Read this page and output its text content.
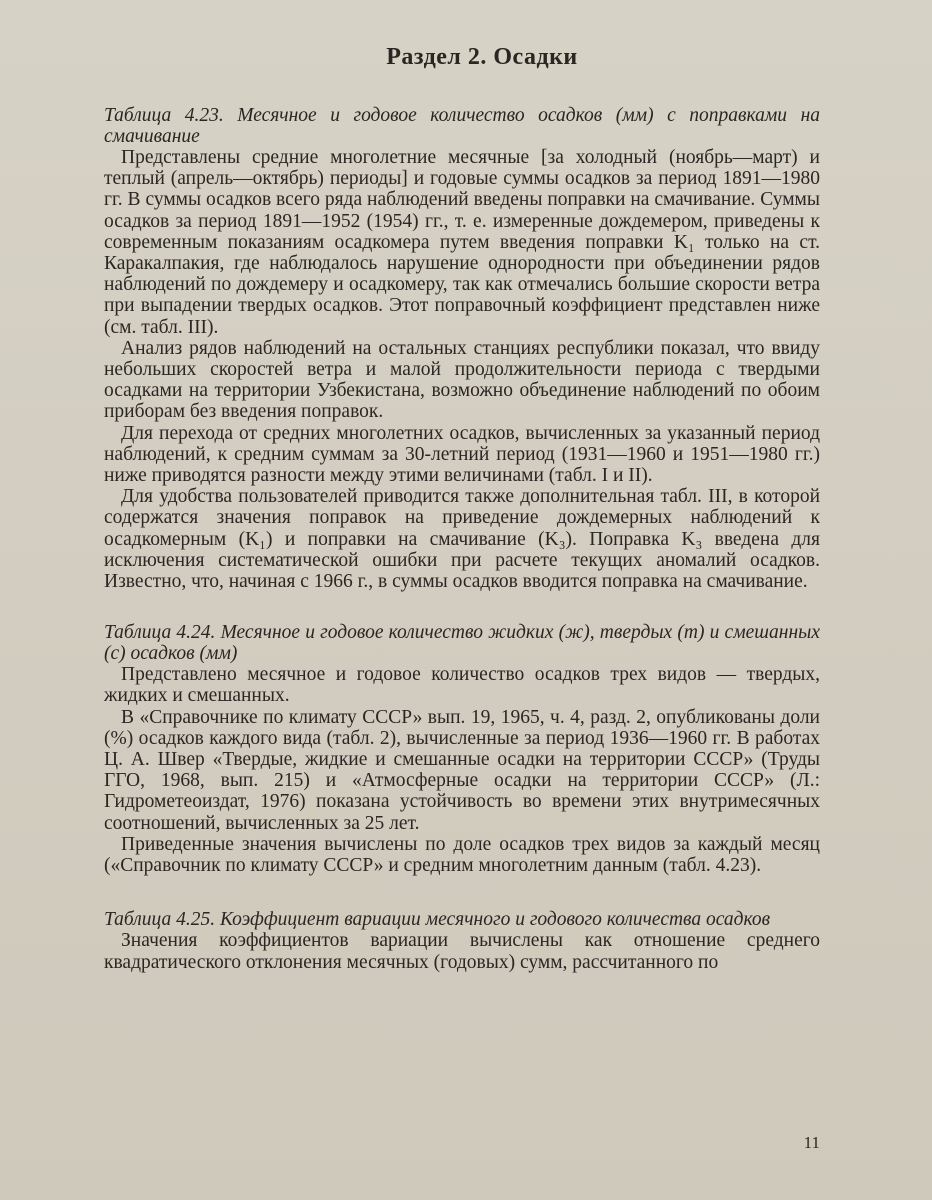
Раздел 2. Осадки

Таблица 4.23. Месячное и годовое количество осадков (мм) с поправками на смачивание

Представлены средние многолетние месячные [за холодный (ноябрь—март) и теплый (апрель—октябрь) периоды] и годовые суммы осадков за период 1891—1980 гг. В суммы осадков всего ряда наблюдений введены поправки на смачивание. Суммы осадков за период 1891—1952 (1954) гг., т. е. измеренные дождемером, приведены к современным показаниям осадкомера путем введения поправки K₁ только на ст. Каракалпакия, где наблюдалось нарушение однородности при объединении рядов наблюдений по дождемеру и осадкомеру, так как отмечались большие скорости ветра при выпадении твердых осадков. Этот поправочный коэффициент представлен ниже (см. табл. III).

Анализ рядов наблюдений на остальных станциях республики показал, что ввиду небольших скоростей ветра и малой продолжительности периода с твердыми осадками на территории Узбекистана, возможно объединение наблюдений по обоим приборам без введения поправок.

Для перехода от средних многолетних осадков, вычисленных за указанный период наблюдений, к средним суммам за 30-летний период (1931—1960 и 1951—1980 гг.) ниже приводятся разности между этими величинами (табл. I и II).

Для удобства пользователей приводится также дополнительная табл. III, в которой содержатся значения поправок на приведение дождемерных наблюдений к осадкомерным (K₁) и поправки на смачивание (K₃). Поправка K₃ введена для исключения систематической ошибки при расчете текущих аномалий осадков. Известно, что, начиная с 1966 г., в суммы осадков вводится поправка на смачивание.

Таблица 4.24. Месячное и годовое количество жидких (ж), твердых (т) и смешанных (с) осадков (мм)

Представлено месячное и годовое количество осадков трех видов — твердых, жидких и смешанных.

В «Справочнике по климату СССР» вып. 19, 1965, ч. 4, разд. 2, опубликованы доли (%) осадков каждого вида (табл. 2), вычисленные за период 1936—1960 гг. В работах Ц. А. Швер «Твердые, жидкие и смешанные осадки на территории СССР» (Труды ГГО, 1968, вып. 215) и «Атмосферные осадки на территории СССР» (Л.: Гидрометеоиздат, 1976) показана устойчивость во времени этих внутримесячных соотношений, вычисленных за 25 лет.

Приведенные значения вычислены по доле осадков трех видов за каждый месяц («Справочник по климату СССР» и средним многолетним данным (табл. 4.23).

Таблица 4.25. Коэффициент вариации месячного и годового количества осадков

Значения коэффициентов вариации вычислены как отношение среднего квадратического отклонения месячных (годовых) сумм, рассчитанного по

11
